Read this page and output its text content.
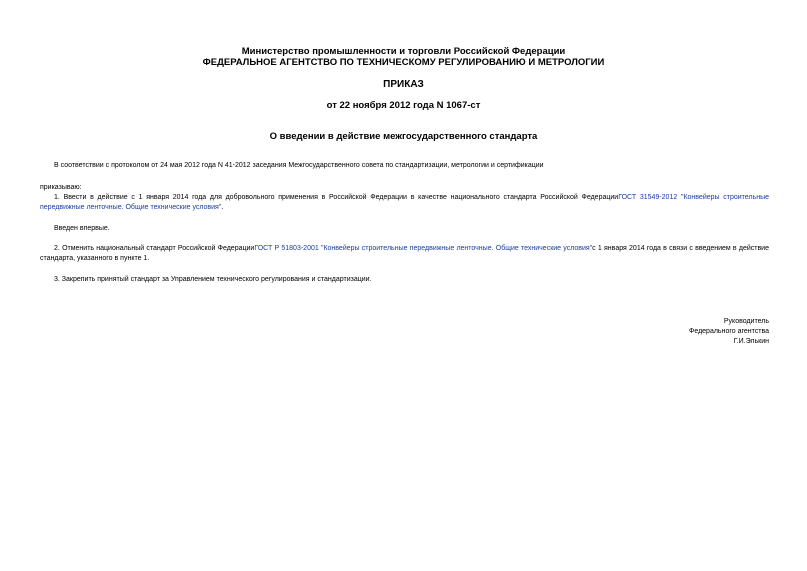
Министерство промышленности и торговли Российской Федерации
ФЕДЕРАЛЬНОЕ АГЕНТСТВО ПО ТЕХНИЧЕСКОМУ РЕГУЛИРОВАНИЮ И МЕТРОЛОГИИ
ПРИКАЗ
от 22 ноября 2012 года N 1067-ст
О введении в действие межгосударственного стандарта
В соответствии с протоколом от 24 мая 2012 года N 41-2012 заседания Межгосударственного совета по стандартизации, метрологии и сертификации
приказываю:
1. Ввести в действие с 1 января 2014 года для добровольного применения в Российской Федерации в качестве национального стандарта Российской ФедерацииГОСТ 31549-2012 "Конвейеры строительные передвижные ленточные. Общие технические условия".
Введен впервые.
2. Отменить национальный стандарт Российской ФедерацииГОСТ Р 51803-2001 "Конвейеры строительные передвижные ленточные. Общие технические условия"с 1 января 2014 года в связи с введением в действие стандарта, указанного в пункте 1.
3. Закрепить принятый стандарт за Управлением технического регулирования и стандартизации.
Руководитель
Федерального агентства
Г.И.Элькин
